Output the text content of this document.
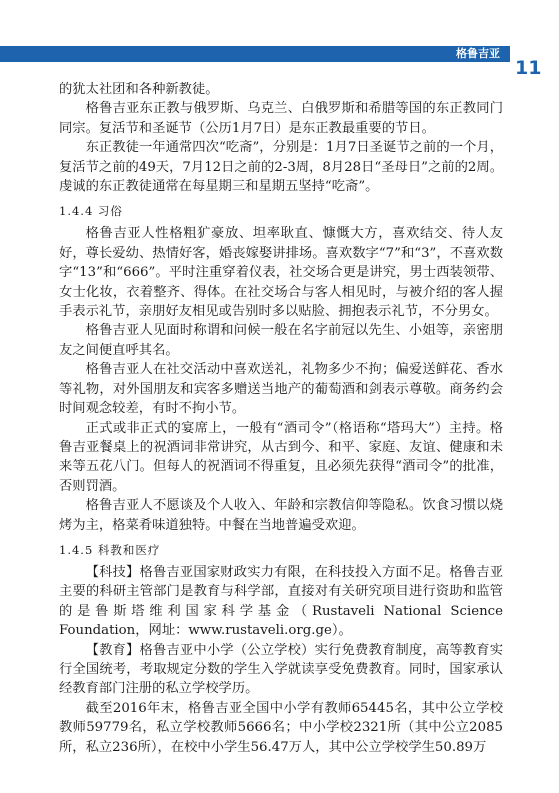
格鲁吉亚
11

的犹太社团和各种新教徒。

格鲁吉亚东正教与俄罗斯、乌克兰、白俄罗斯和希腊等国的东正教同门同宗。复活节和圣诞节（公历1月7日）是东正教最重要的节日。

东正教徒一年通常四次“吃斋”，分别是：1月7日圣诞节之前的一个月，复活节之前的49天，7月12日之前的2-3周，8月28日“圣母日”之前的2周。虔诚的东正教徒通常在每星期三和星期五坚持“吃斋”。

1.4.4 习俗

格鲁吉亚人性格粗犷豪放、坦率耿直、慷慨大方，喜欢结交、待人友好，尊长爱幼、热情好客，婚丧嫁娶讲排场。喜欢数字“7”和“3”，不喜欢数字“13”和“666”。平时注重穿着仪表，社交场合更是讲究，男士西装领带、女士化妆，衣着整齐、得体。在社交场合与客人相见时，与被介绍的客人握手表示礼节，亲朋好友相见或告别时多以贴脸、拥抱表示礼节，不分男女。

格鲁吉亚人见面时称谓和问候一般在名字前冠以先生、小姐等，亲密朋友之间便直呼其名。

格鲁吉亚人在社交活动中喜欢送礼，礼物多少不拘；偏爱送鲜花、香水等礼物，对外国朋友和宾客多赠送当地产的葡萄酒和剑表示尊敬。商务约会时间观念较差，有时不拘小节。

正式或非正式的宴席上，一般有“酒司令”（格语称“塔玛大”）主持。格鲁吉亚餐桌上的祝酒词非常讲究，从古到今、和平、家庭、友谊、健康和未来等五花八门。但每人的祝酒词不得重复，且必须先获得“酒司令”的批准，否则罚酒。

格鲁吉亚人不愿谈及个人收入、年龄和宗教信仰等隐私。饮食习惯以烧烤为主，格菜肴味道独特。中餐在当地普遍受欢迎。

1.4.5 科教和医疗

【科技】格鲁吉亚国家财政实力有限，在科技投入方面不足。格鲁吉亚主要的科研主管部门是教育与科学部，直接对有关研究项目进行资助和监管的是鲁斯塔维利国家科学基金（Rustaveli National Science Foundation，网址：www.rustaveli.org.ge）。

【教育】格鲁吉亚中小学（公立学校）实行免费教育制度，高等教育实行全国统考，考取规定分数的学生入学就读享受免费教育。同时，国家承认经教育部门注册的私立学校学历。

截至2016年末，格鲁吉亚全国中小学有教师65445名，其中公立学校教师59779名，私立学校教师5666名；中小学校2321所（其中公立2085所，私立236所），在校中小学生56.47万人，其中公立学校学生50.89万
